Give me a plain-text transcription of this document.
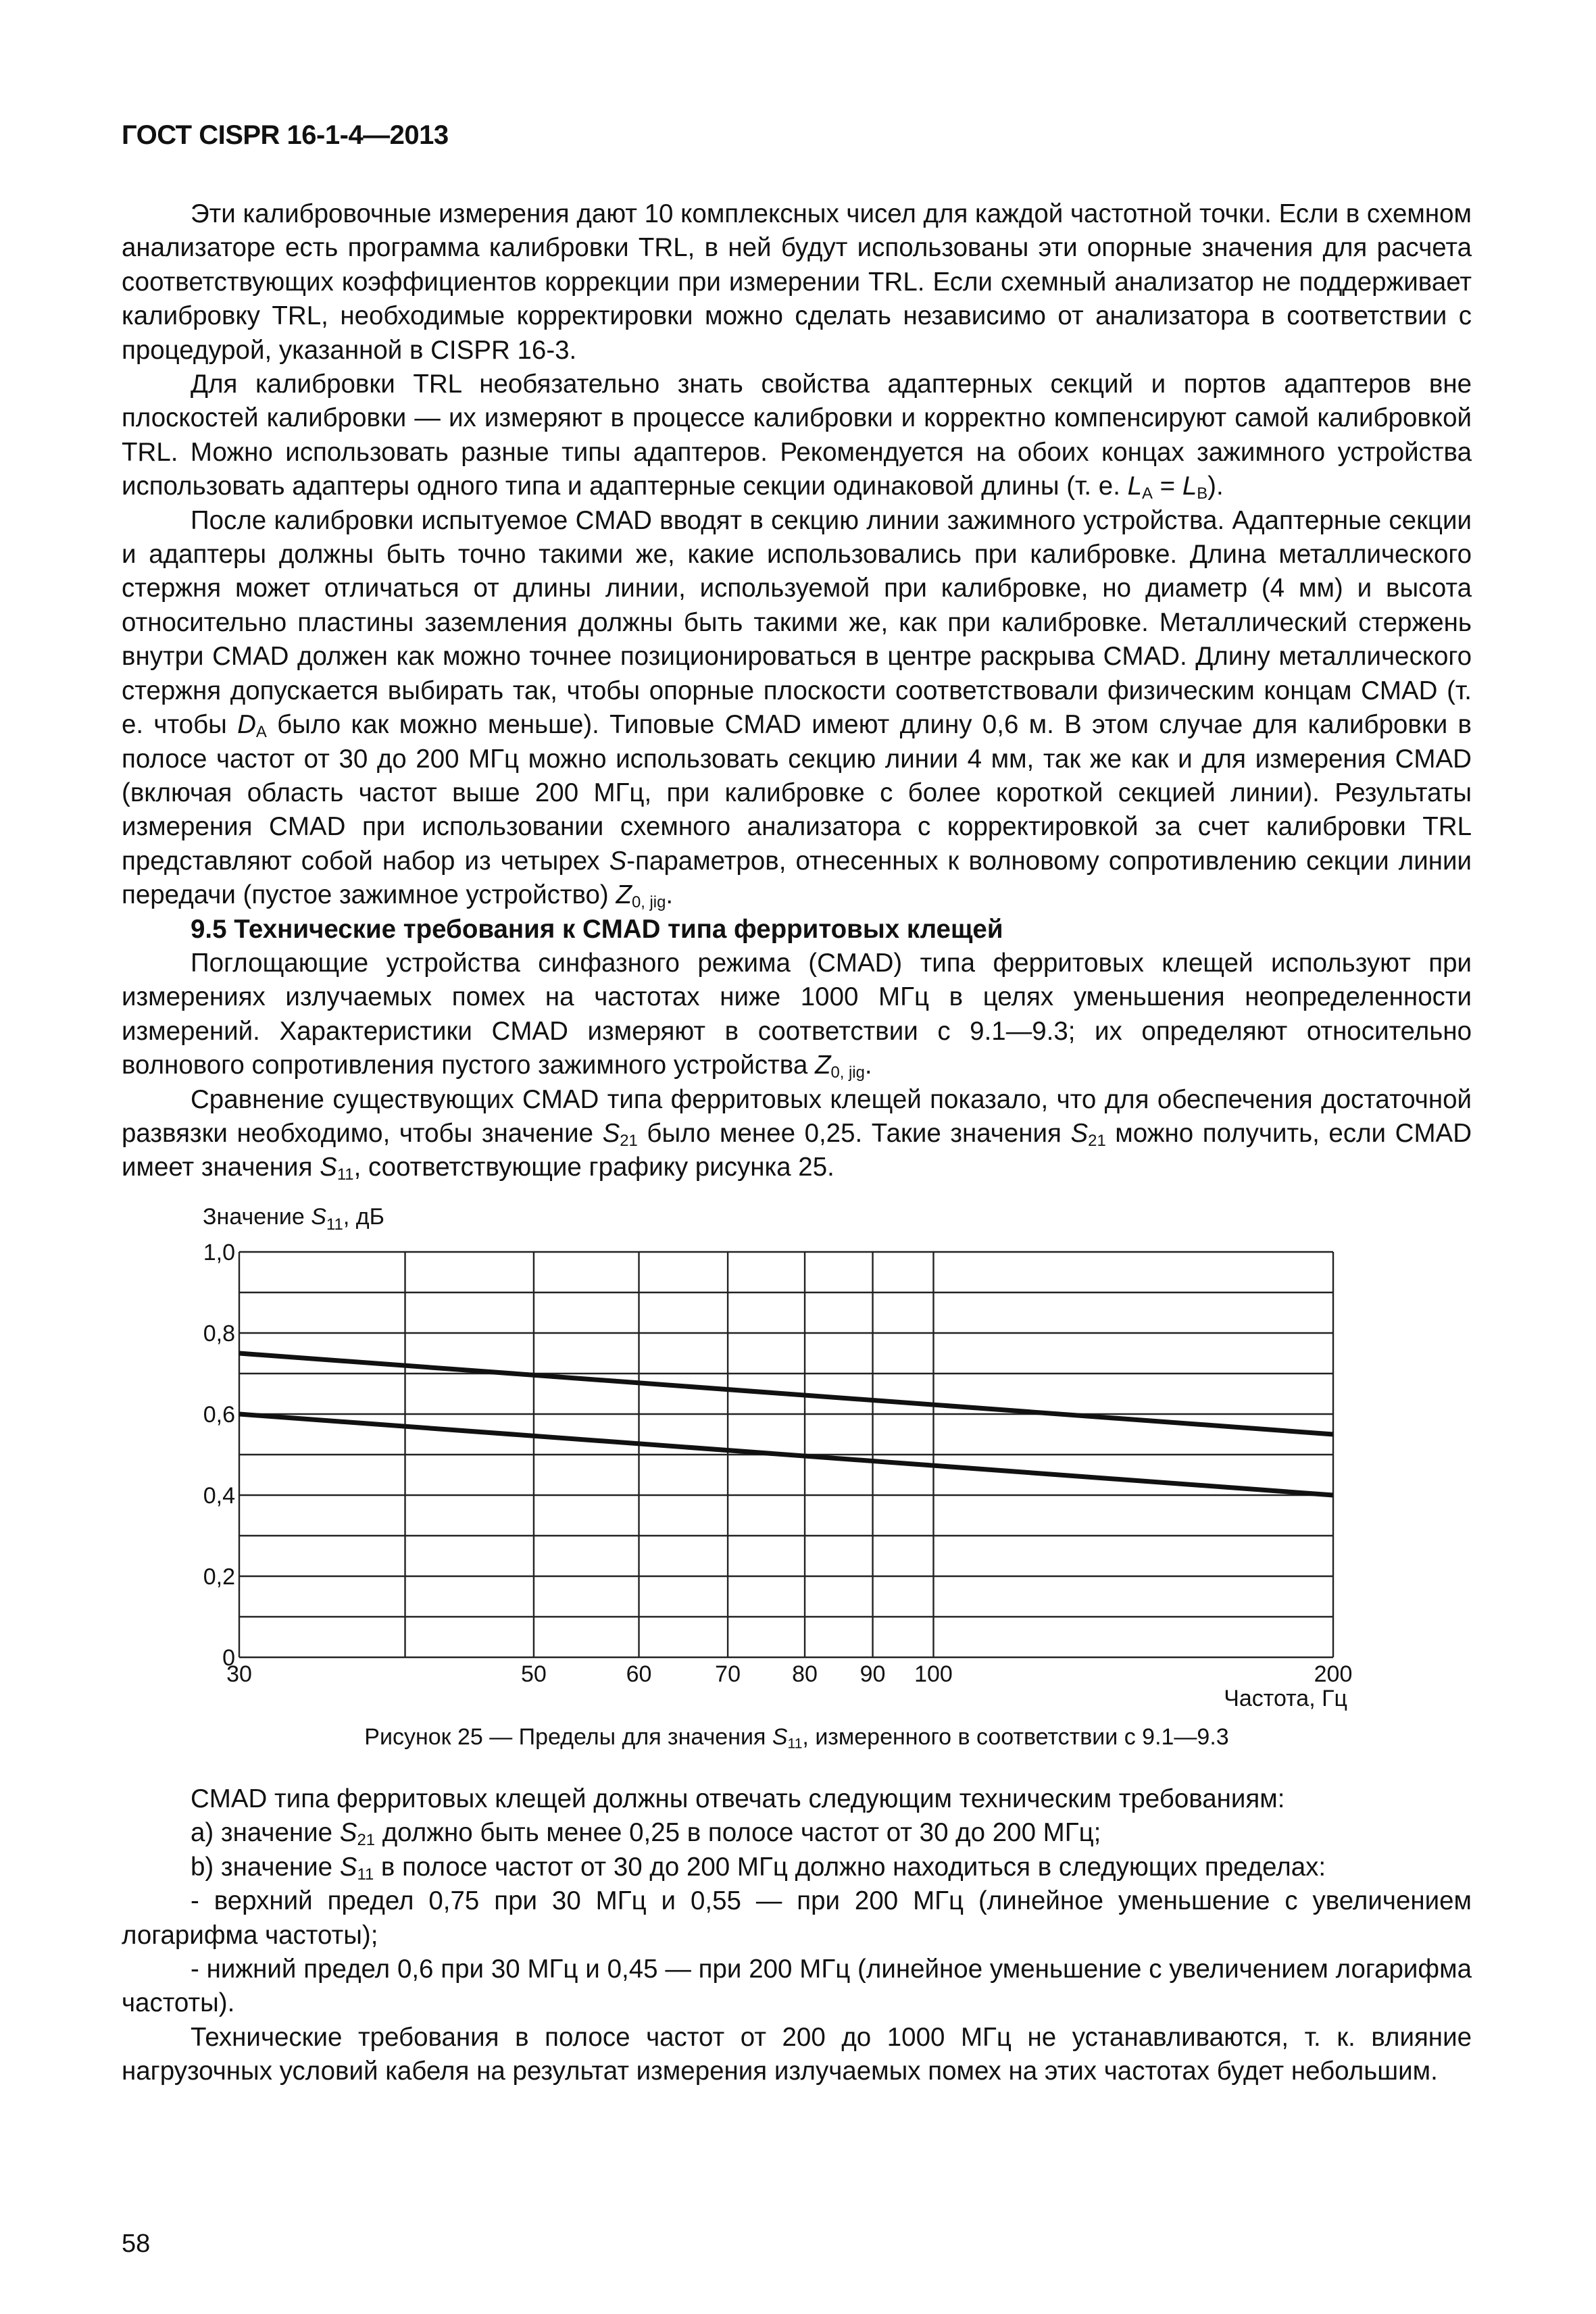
ГОСТ CISPR 16-1-4—2013

Эти калибровочные измерения дают 10 комплексных чисел для каждой частотной точки. Если в схемном анализаторе есть программа калибровки TRL, в ней будут использованы эти опорные значения для расчета соответствующих коэффициентов коррекции при измерении TRL. Если схемный анализатор не поддерживает калибровку TRL, необходимые корректировки можно сделать независимо от анализатора в соответствии с процедурой, указанной в CISPR 16-3.

Для калибровки TRL необязательно знать свойства адаптерных секций и портов адаптеров вне плоскостей калибровки — их измеряют в процессе калибровки и корректно компенсируют самой калибровкой TRL. Можно использовать разные типы адаптеров. Рекомендуется на обоих концах зажимного устройства использовать адаптеры одного типа и адаптерные секции одинаковой длины (т. е. $L_A = L_B$).

После калибровки испытуемое CMAD вводят в секцию линии зажимного устройства. Адаптерные секции и адаптеры должны быть точно такими же, какие использовались при калибровке. Длина металлического стержня может отличаться от длины линии, используемой при калибровке, но диаметр (4 мм) и высота относительно пластины заземления должны быть такими же, как при калибровке. Металлический стержень внутри CMAD должен как можно точнее позиционироваться в центре раскрыва CMAD. Длину металлического стержня допускается выбирать так, чтобы опорные плоскости соответствовали физическим концам CMAD (т. е. чтобы $D_A$ было как можно меньше). Типовые CMAD имеют длину 0,6 м. В этом случае для калибровки в полосе частот от 30 до 200 МГц можно использовать секцию линии 4 мм, так же как и для измерения CMAD (включая область частот выше 200 МГц, при калибровке с более короткой секцией линии). Результаты измерения CMAD при использовании схемного анализатора с корректировкой за счет калибровки TRL представляют собой набор из четырех S-параметров, отнесенных к волновому сопротивлению секции линии передачи (пустое зажимное устройство) $Z_{0, jig}$.

9.5 Технические требования к CMAD типа ферритовых клещей

Поглощающие устройства синфазного режима (CMAD) типа ферритовых клещей используют при измерениях излучаемых помех на частотах ниже 1000 МГц в целях уменьшения неопределенности измерений. Характеристики CMAD измеряют в соответствии с 9.1—9.3; их определяют относительно волнового сопротивления пустого зажимного устройства $Z_{0, jig}$.

Сравнение существующих CMAD типа ферритовых клещей показало, что для обеспечения достаточной развязки необходимо, чтобы значение $S_{21}$ было менее 0,25. Такие значения $S_{21}$ можно получить, если CMAD имеет значения $S_{11}$, соответствующие графику рисунка 25.

Значение $S_{11}$, дБ
0
0,2
0,4
0,6
0,8
1,0
30	50	60	70 80 90 100	200
Частота, Гц
Рисунок 25 — Пределы для значения $S_{11}$, измеренного в соответствии с 9.1—9.3

CMAD типа ферритовых клещей должны отвечать следующим техническим требованиям:

a) значение $S_{21}$ должно быть менее 0,25 в полосе частот от 30 до 200 МГц;

b) значение $S_{11}$ в полосе частот от 30 до 200 МГц должно находиться в следующих пределах:

- верхний предел 0,75 при 30 МГц и 0,55 — при 200 МГц (линейное уменьшение с увеличением логарифма частоты);

- нижний предел 0,6 при 30 МГц и 0,45 — при 200 МГц (линейное уменьшение с увеличением логарифма частоты).

Технические требования в полосе частот от 200 до 1000 МГц не устанавливаются, т. к. влияние нагрузочных условий кабеля на результат измерения излучаемых помех на этих частотах будет небольшим.

58
